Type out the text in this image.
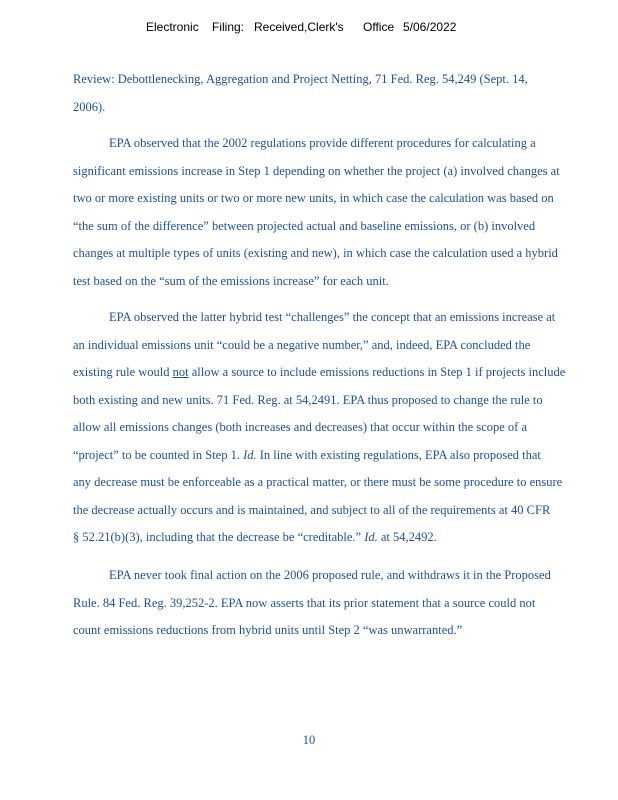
Electronic Filing: Received,Clerk's Office 5/06/2022
Review: Debottlenecking, Aggregation and Project Netting, 71 Fed. Reg. 54,249 (Sept. 14,
2006).
EPA observed that the 2002 regulations provide different procedures for calculating a
significant emissions increase in Step 1 depending on whether the project (a) involved changes at
two or more existing units or two or more new units, in which case the calculation was based on
“the sum of the difference” between projected actual and baseline emissions, or (b) involved
changes at multiple types of units (existing and new), in which case the calculation used a hybrid
test based on the “sum of the emissions increase” for each unit.
EPA observed the latter hybrid test “challenges” the concept that an emissions increase at
an individual emissions unit “could be a negative number,” and, indeed, EPA concluded the
existing rule would not allow a source to include emissions reductions in Step 1 if projects include
both existing and new units. 71 Fed. Reg. at 54,2491. EPA thus proposed to change the rule to
allow all emissions changes (both increases and decreases) that occur within the scope of a
“project” to be counted in Step 1. Id. In line with existing regulations, EPA also proposed that
any decrease must be enforceable as a practical matter, or there must be some procedure to ensure
the decrease actually occurs and is maintained, and subject to all of the requirements at 40 CFR
§ 52.21(b)(3), including that the decrease be “creditable.” Id. at 54,2492.
EPA never took final action on the 2006 proposed rule, and withdraws it in the Proposed
Rule. 84 Fed. Reg. 39,252-2. EPA now asserts that its prior statement that a source could not
count emissions reductions from hybrid units until Step 2 “was unwarranted.”
10
